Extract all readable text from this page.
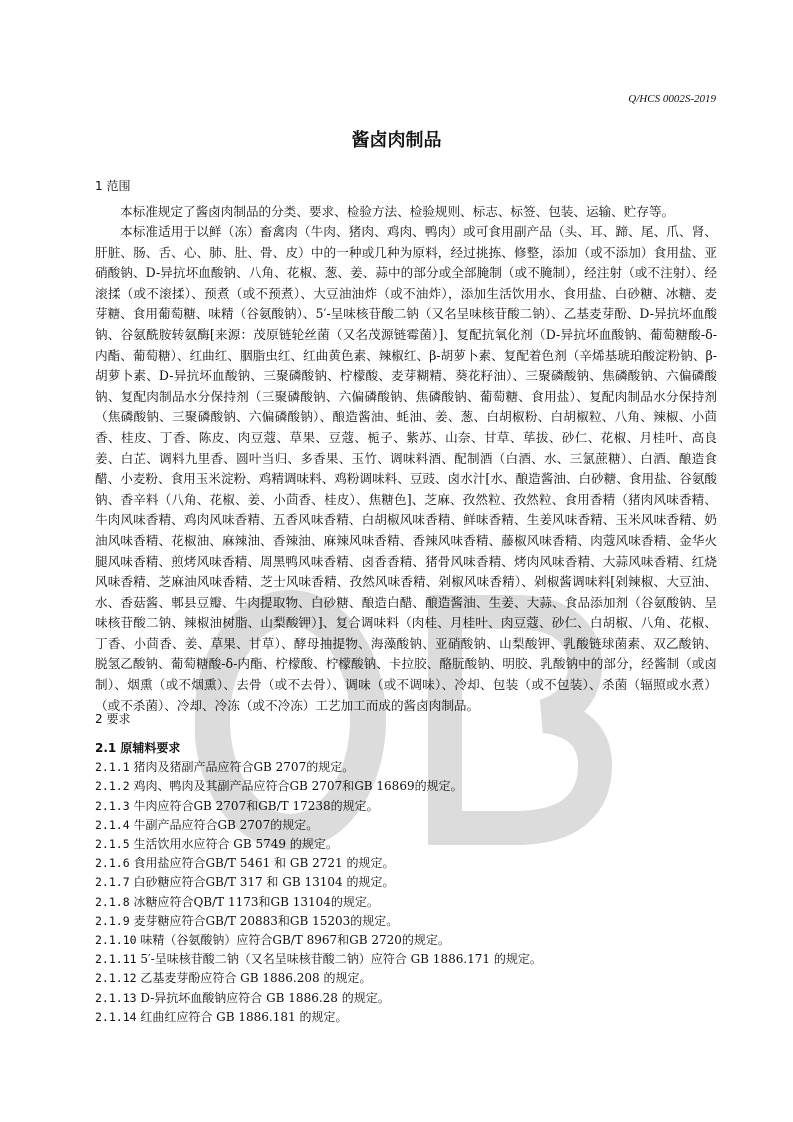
Q/HCS 0002S-2019
酱卤肉制品
1 范围
本标准规定了酱卤肉制品的分类、要求、检验方法、检验规则、标志、标签、包装、运输、贮存等。
本标准适用于以鲜（冻）畜禽肉（牛肉、猪肉、鸡肉、鸭肉）或可食用副产品（头、耳、蹄、尾、爪、肾、肝脏、肠、舌、心、肺、肚、骨、皮）中的一种或几种为原料，经过挑拣、修整，添加（或不添加）食用盐、亚硝酸钠、D-异抗坏血酸钠、八角、花椒、葱、姜、蒜中的部分或全部腌制（或不腌制），经注射（或不注射）、经滚揉（或不滚揉）、预煮（或不预煮）、大豆油油炸（或不油炸），添加生活饮用水、食用盐、白砂糖、冰糖、麦芽糖、食用葡萄糖、味精（谷氨酸钠）、5′-呈味核苷酸二钠（又名呈味核苷酸二钠）、乙基麦芽酚、D-异抗坏血酸钠、谷氨酰胺转氨酶[来源：茂原链轮丝菌（又名茂源链霉菌）]、复配抗氧化剂（D-异抗坏血酸钠、葡萄糖酸-δ-内酯、葡萄糖）、红曲红、胭脂虫红、红曲黄色素、辣椒红、β-胡萝卜素、复配着色剂（辛烯基琥珀酸淀粉钠、β-胡萝卜素、D-异抗坏血酸钠、三聚磷酸钠、柠檬酸、麦芽糊精、葵花籽油）、三聚磷酸钠、焦磷酸钠、六偏磷酸钠、复配肉制品水分保持剂（三聚磷酸钠、六偏磷酸钠、焦磷酸钠、葡萄糖、食用盐）、复配肉制品水分保持剂（焦磷酸钠、三聚磷酸钠、六偏磷酸钠）、酿造酱油、蚝油、姜、葱、白胡椒粉、白胡椒粒、八角、辣椒、小茴香、桂皮、丁香、陈皮、肉豆蔻、草果、豆蔻、栀子、紫苏、山奈、甘草、荜拔、砂仁、花椒、月桂叶、高良姜、白芷、调料九里香、圆叶当归、多香果、玉竹、调味料酒、配制酒（白酒、水、三氯蔗糖）、白酒、酿造食醋、小麦粉、食用玉米淀粉、鸡精调味料、鸡粉调味料、豆豉、卤水汁[水、酿造酱油、白砂糖、食用盐、谷氨酸钠、香辛料（八角、花椒、姜、小茴香、桂皮）、焦糖色]、芝麻、孜然粒、孜然粒、食用香精（猪肉风味香精、牛肉风味香精、鸡肉风味香精、五香风味香精、白胡椒风味香精、鲜味香精、生姜风味香精、玉米风味香精、奶油风味香精、花椒油、麻辣油、香辣油、麻辣风味香精、香辣风味香精、藤椒风味香精、肉蔻风味香精、金华火腿风味香精、煎烤风味香精、周黑鸭风味香精、卤香香精、猪骨风味香精、烤肉风味香精、大蒜风味香精、红烧风味香精、芝麻油风味香精、芝士风味香精、孜然风味香精、剁椒风味香精）、剁椒酱调味料[剁辣椒、大豆油、水、香菇酱、郫县豆瓣、牛肉提取物、白砂糖、酿造白醋、酿造酱油、生姜、大蒜、食品添加剂（谷氨酸钠、呈味核苷酸二钠、辣椒油树脂、山梨酸钾）]、复合调味料（肉桂、月桂叶、肉豆蔻、砂仁、白胡椒、八角、花椒、丁香、小茴香、姜、草果、甘草）、酵母抽提物、海藻酸钠、亚硝酸钠、山梨酸钾、乳酸链球菌素、双乙酸钠、脱氢乙酸钠、葡萄糖酸-δ-内酯、柠檬酸、柠檬酸钠、卡拉胶、酪朊酸钠、明胶、乳酸钠中的部分，经酱制（或卤制）、烟熏（或不烟熏）、去骨（或不去骨）、调味（或不调味）、冷却、包装（或不包装）、杀菌（辐照或水煮）（或不杀菌）、冷却、冷冻（或不冷冻）工艺加工而成的酱卤肉制品。
2 要求
2.1 原辅料要求
2.1.1 猪肉及猪副产品应符合GB 2707的规定。
2.1.2 鸡肉、鸭肉及其副产品应符合GB 2707和GB 16869的规定。
2.1.3 牛肉应符合GB 2707和GB/T 17238的规定。
2.1.4 牛副产品应符合GB 2707的规定。
2.1.5 生活饮用水应符合 GB 5749 的规定。
2.1.6 食用盐应符合GB/T 5461 和 GB 2721 的规定。
2.1.7 白砂糖应符合GB/T 317 和 GB 13104 的规定。
2.1.8 冰糖应符合QB/T 1173和GB 13104的规定。
2.1.9 麦芽糖应符合GB/T 20883和GB 15203的规定。
2.1.10 味精（谷氨酸钠）应符合GB/T 8967和GB 2720的规定。
2.1.11 5′-呈味核苷酸二钠（又名呈味核苷酸二钠）应符合 GB 1886.171 的规定。
2.1.12 乙基麦芽酚应符合 GB 1886.208 的规定。
2.1.13 D-异抗坏血酸钠应符合 GB 1886.28 的规定。
2.1.14 红曲红应符合 GB 1886.181 的规定。
